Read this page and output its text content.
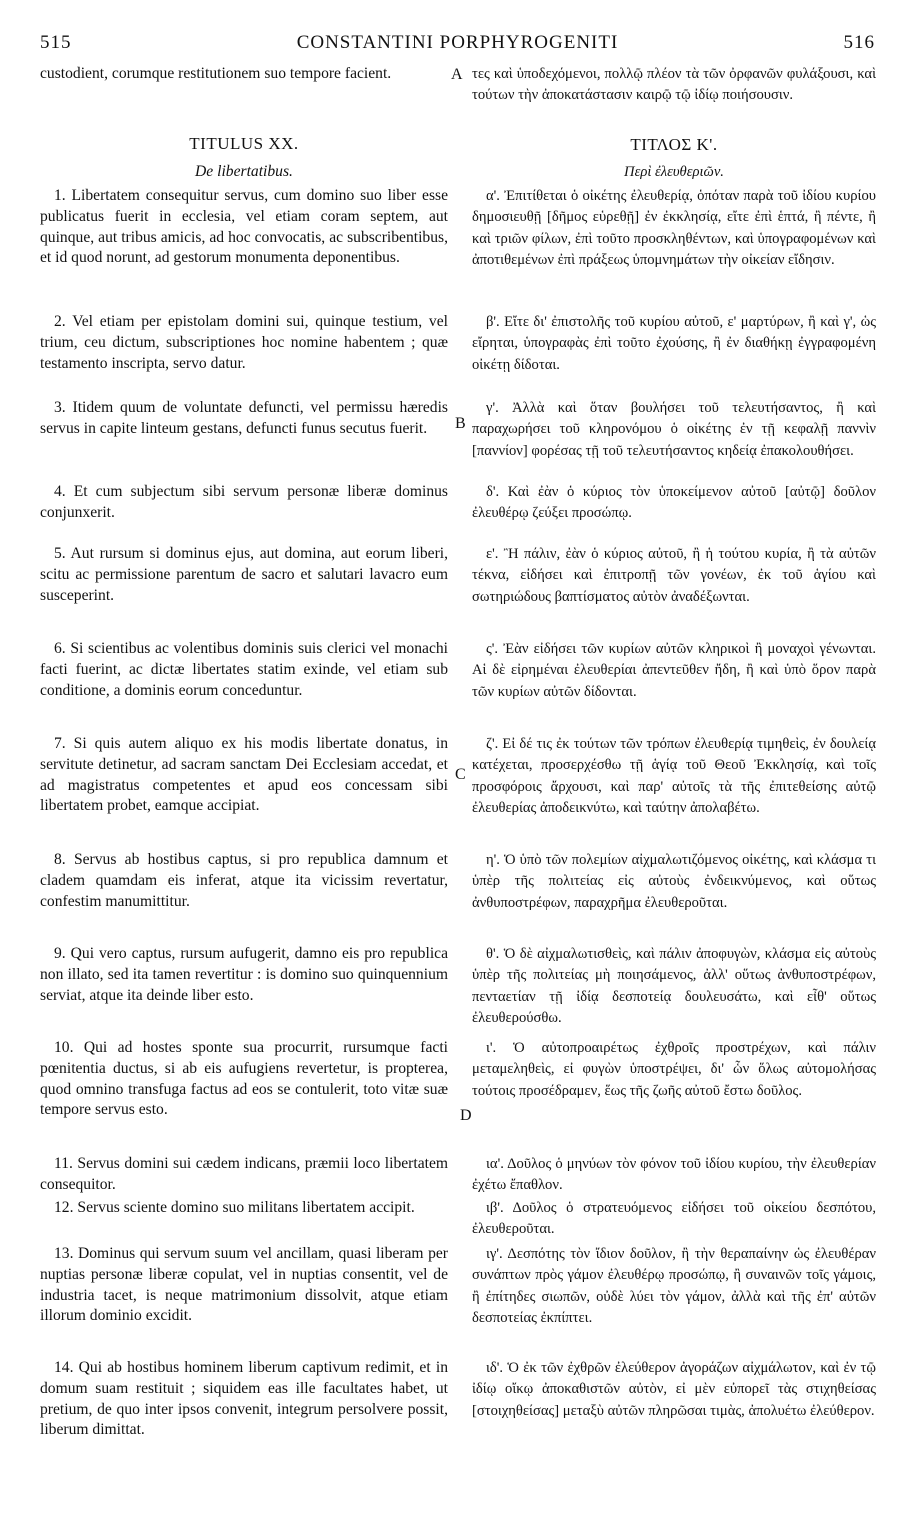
515	CONSTANTINI PORPHYROGENITI	516
A
B
C
D
custodient, corumque restitutionem suo tempore facient.
TITULUS XX.
De libertatibus.
1. Libertatem consequitur servus, cum domino suo liber esse publicatus fuerit in ecclesia, vel etiam coram septem, aut quinque, aut tribus amicis, ad hoc convocatis, ac subscribentibus, et id quod norunt, ad gestorum monumenta deponentibus.
2. Vel etiam per epistolam domini sui, quinque testium, vel trium, ceu dictum, subscriptiones hoc nomine habentem ; quæ testamento inscripta, servo datur.
3. Itidem quum de voluntate defuncti, vel permissu hæredis servus in capite linteum gestans, defuncti funus secutus fuerit.
4. Et cum subjectum sibi servum personæ liberæ dominus conjunxerit.
5. Aut rursum si dominus ejus, aut domina, aut eorum liberi, scitu ac permissione parentum de sacro et salutari lavacro eum susceperint.
6. Si scientibus ac volentibus dominis suis clerici vel monachi facti fuerint, ac dictæ libertates statim exinde, vel etiam sub conditione, a dominis eorum conceduntur.
7. Si quis autem aliquo ex his modis libertate donatus, in servitute detinetur, ad sacram sanctam Dei Ecclesiam accedat, et ad magistratus competentes et apud eos concessam sibi libertatem probet, eamque accipiat.
8. Servus ab hostibus captus, si pro republica damnum et cladem quamdam eis inferat, atque ita vicissim revertatur, confestim manumittitur.
9. Qui vero captus, rursum aufugerit, damno eis pro republica non illato, sed ita tamen revertitur : is domino suo quinquennium serviat, atque ita deinde liber esto.
10. Qui ad hostes sponte sua procurrit, rursumque facti pœnitentia ductus, si ab eis aufugiens revertetur, is propterea, quod omnino transfuga factus ad eos se contulerit, toto vitæ suæ tempore servus esto.
11. Servus domini sui cædem indicans, præmii loco libertatem consequitor.
12. Servus sciente domino suo militans libertatem accipit.
13. Dominus qui servum suum vel ancillam, quasi liberam per nuptias personæ liberæ copulat, vel in nuptias consentit, vel de industria tacet, is neque matrimonium dissolvit, atque etiam illorum dominio excidit.
14. Qui ab hostibus hominem liberum captivum redimit, et in domum suam restituit ; siquidem eas ille facultates habet, ut pretium, de quo inter ipsos convenit, integrum persolvere possit, liberum dimittat.
τες καὶ ὑποδεχόμενοι, πολλῷ πλέον τὰ τῶν ὀρφανῶν φυλάξουσι, καὶ τούτων τὴν ἀποκατάστασιν καιρῷ τῷ ἰδίῳ ποιήσουσιν.
ΤΙΤΛΟΣ Κ'.
Περὶ ἐλευθεριῶν.
α'. Ἐπιτίθεται ὁ οἰκέτης ἐλευθερίᾳ, ὁπόταν παρὰ τοῦ ἰδίου κυρίου δημοσιευθῇ [δῆμος εὑρεθῇ] ἐν ἐκκλησίᾳ, εἴτε ἐπὶ ἑπτά, ἢ πέντε, ἢ καὶ τριῶν φίλων, ἐπὶ τοῦτο προσκληθέντων, καὶ ὑπογραφομένων καὶ ἀποτιθεμένων ἐπὶ πράξεως ὑπομνημάτων τὴν οἰκείαν εἴδησιν.
β'. Εἴτε δι' ἐπιστολῆς τοῦ κυρίου αὐτοῦ, ε' μαρτύρων, ἢ καὶ γ', ὡς εἴρηται, ὑπογραφὰς ἐπὶ τοῦτο ἐχούσης, ἢ ἐν διαθήκῃ ἐγγραφομένη οἰκέτῃ δίδοται.
γ'. Ἀλλὰ καὶ ὅταν βουλήσει τοῦ τελευτήσαντος, ἢ καὶ παραχωρήσει τοῦ κληρονόμου ὁ οἰκέτης ἐν τῇ κεφαλῇ παννὶν [παννίον] φορέσας τῇ τοῦ τελευτήσαντος κηδείᾳ ἐπακολουθήσει.
δ'. Καὶ ἐὰν ὁ κύριος τὸν ὑποκείμενον αὐτοῦ [αὐτῷ] δοῦλον ἐλευθέρῳ ζεύξει προσώπῳ.
ε'. Ἢ πάλιν, ἐὰν ὁ κύριος αὐτοῦ, ἢ ἡ τούτου κυρία, ἢ τὰ αὐτῶν τέκνα, εἰδήσει καὶ ἐπιτροπῇ τῶν γονέων, ἐκ τοῦ ἁγίου καὶ σωτηριώδους βαπτίσματος αὐτὸν ἀναδέξωνται.
ς'. Ἐὰν εἰδήσει τῶν κυρίων αὐτῶν κληρικοὶ ἢ μοναχοὶ γένωνται. Αἱ δὲ εἰρημέναι ἐλευθερίαι ἀπεντεῦθεν ἤδη, ἢ καὶ ὑπὸ ὅρον παρὰ τῶν κυρίων αὐτῶν δίδονται.
ζ'. Εἰ δέ τις ἐκ τούτων τῶν τρόπων ἐλευθερίᾳ τιμηθεὶς, ἐν δουλείᾳ κατέχεται, προσερχέσθω τῇ ἁγίᾳ τοῦ Θεοῦ Ἐκκλησίᾳ, καὶ τοῖς προσφόροις ἄρχουσι, καὶ παρ' αὐτοῖς τὰ τῆς ἐπιτεθείσης αὐτῷ ἐλευθερίας ἀποδεικνύτω, καὶ ταύτην ἀπολαβέτω.
η'. Ὁ ὑπὸ τῶν πολεμίων αἰχμαλωτιζόμενος οἰκέτης, καὶ κλάσμα τι ὑπὲρ τῆς πολιτείας εἰς αὐτοὺς ἐνδεικνύμενος, καὶ οὕτως ἀνθυποστρέφων, παραχρῆμα ἐλευθεροῦται.
θ'. Ὁ δὲ αἰχμαλωτισθεὶς, καὶ πάλιν ἀποφυγὼν, κλάσμα εἰς αὐτοὺς ὑπὲρ τῆς πολιτείας μὴ ποιησάμενος, ἀλλ' οὕτως ἀνθυποστρέφων, πενταετίαν τῇ ἰδίᾳ δεσποτείᾳ δουλευσάτω, καὶ εἶθ' οὕτως ἐλευθερούσθω.
ι'. Ὁ αὐτοπροαιρέτως ἐχθροῖς προστρέχων, καὶ πάλιν μεταμεληθεὶς, εἰ φυγὼν ὑποστρέψει, δι' ὧν ὅλως αὐτομολήσας τούτοις προσέδραμεν, ἕως τῆς ζωῆς αὐτοῦ ἔστω δοῦλος.
ια'. Δοῦλος ὁ μηνύων τὸν φόνον τοῦ ἰδίου κυρίου, τὴν ἐλευθερίαν ἐχέτω ἔπαθλον.
ιβ'. Δοῦλος ὁ στρατευόμενος εἰδήσει τοῦ οἰκείου δεσπότου, ἐλευθεροῦται.
ιγ'. Δεσπότης τὸν ἴδιον δοῦλον, ἢ τὴν θεραπαίνην ὡς ἐλευθέραν συνάπτων πρὸς γάμον ἐλευθέρῳ προσώπῳ, ἢ συναινῶν τοῖς γάμοις, ἢ ἐπίτηδες σιωπῶν, οὐδὲ λύει τὸν γάμον, ἀλλὰ καὶ τῆς ἐπ' αὐτῶν δεσποτείας ἐκπίπτει.
ιδ'. Ὁ ἐκ τῶν ἐχθρῶν ἐλεύθερον ἀγοράζων αἰχμάλωτον, καὶ ἐν τῷ ἰδίῳ οἴκῳ ἀποκαθιστῶν αὐτὸν, εἰ μὲν εὐπορεῖ τὰς στιχηθείσας [στοιχηθείσας] μεταξὺ αὐτῶν πληρῶσαι τιμὰς, ἀπολυέτω ἐλεύθερον.
